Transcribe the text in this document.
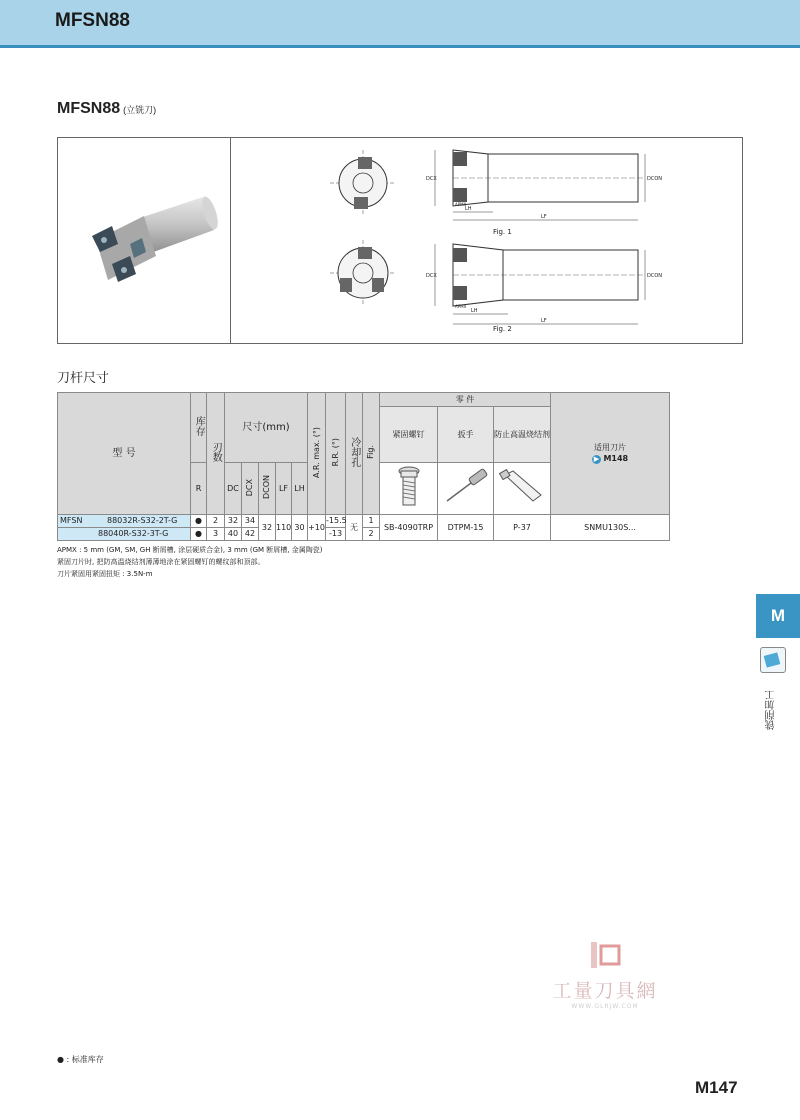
MFSN88
MFSN88 (立铣刀)
DCX	DCON
LH
LF
APMX
Fig. 1
DCX	DCON
LH
LF
APMX
Fig. 2
刀杆尺寸
型 号	库存	刃数	尺寸(mm)					A.R. max. (°)	R.R. (°)	冷却孔	Fig.	零 件			适用刀片
▶ M148

												紧固螺钉	扳手	防止高温烧结剂	
	R		DC	DCX	DCON	LF	LH			
MFSN 88032R-S32-2T-G	●	2	32	34	32	110	30	+10	-15.5	无	1	SB-4090TRP	DTPM-15	P-37	SNMU130S...
88040R-S32-3T-G	●	3	40	42					-13		2				
APMX : 5 mm (GM, SM, GH 断屑槽, 涂层硬质合金), 3 mm (GM 断屑槽, 金属陶瓷)
紧固刀片时, 把防高温烧结剂薄薄地涂在紧固螺钉的螺纹部和顶部。
刀片紧固用紧固扭矩 : 3.5N-m
M
铣削加工
工量刀具網
WWW.GLRJW.COM
● : 标准库存
M147
